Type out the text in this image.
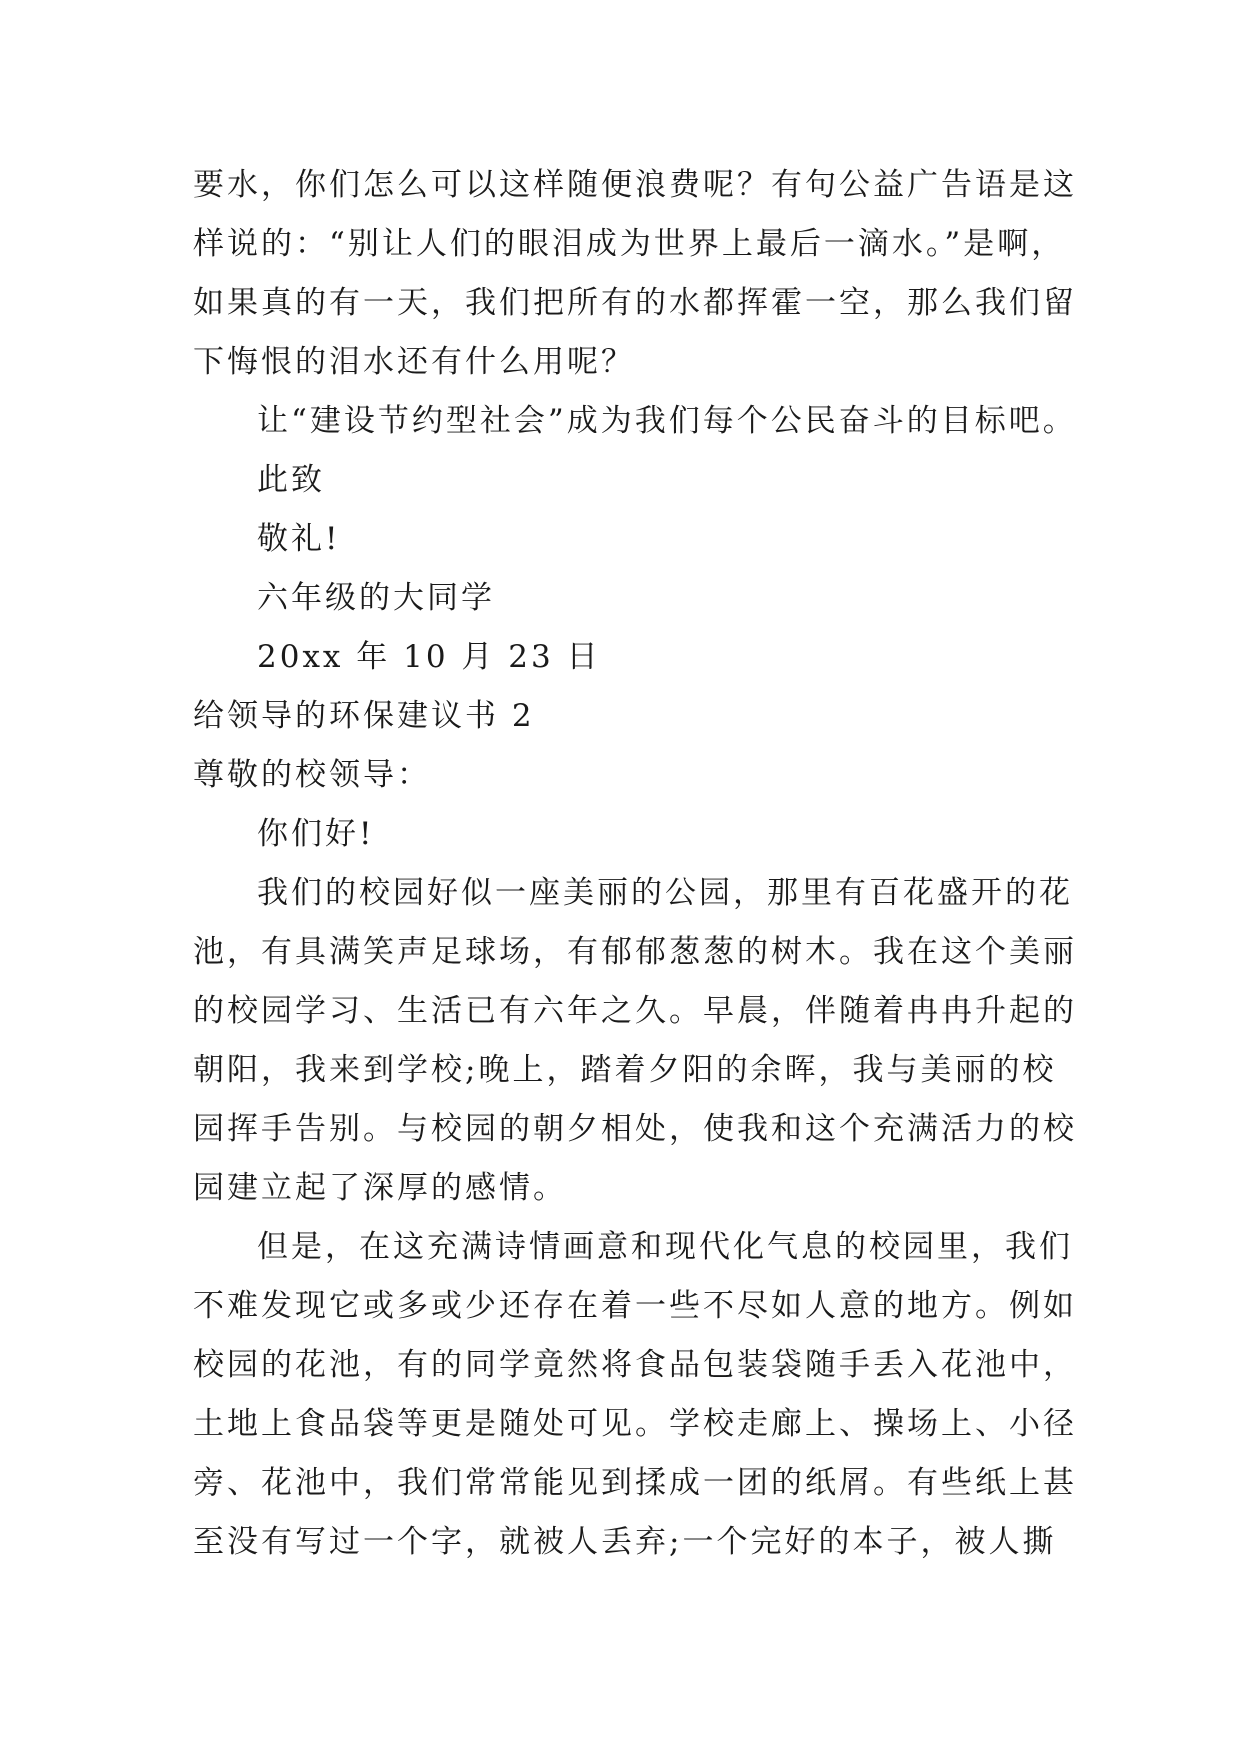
要水，你们怎么可以这样随便浪费呢？有句公益广告语是这

样说的：“别让人们的眼泪成为世界上最后一滴水。”是啊，

如果真的有一天，我们把所有的水都挥霍一空，那么我们留

下悔恨的泪水还有什么用呢？

让“建设节约型社会”成为我们每个公民奋斗的目标吧。

此致

敬礼!

六年级的大同学

20xx 年 10 月 23 日

给领导的环保建议书 2

尊敬的校领导：

你们好!

我们的校园好似一座美丽的公园，那里有百花盛开的花

池，有具满笑声足球场，有郁郁葱葱的树木。我在这个美丽

的校园学习、生活已有六年之久。早晨，伴随着冉冉升起的

朝阳，我来到学校;晚上，踏着夕阳的余晖，我与美丽的校

园挥手告别。与校园的朝夕相处，使我和这个充满活力的校

园建立起了深厚的感情。

但是，在这充满诗情画意和现代化气息的校园里，我们

不难发现它或多或少还存在着一些不尽如人意的地方。例如

校园的花池，有的同学竟然将食品包装袋随手丢入花池中，

土地上食品袋等更是随处可见。学校走廊上、操场上、小径

旁、花池中，我们常常能见到揉成一团的纸屑。有些纸上甚

至没有写过一个字，就被人丢弃;一个完好的本子，被人撕
